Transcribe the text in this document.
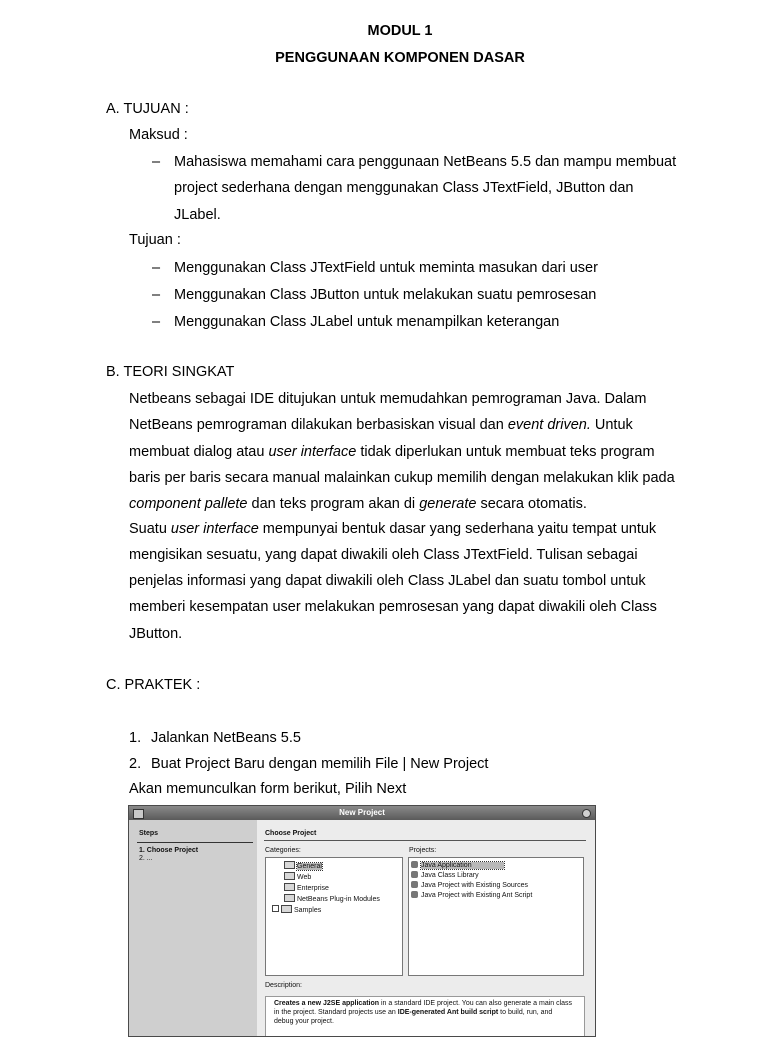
MODUL 1
PENGGUNAAN KOMPONEN DASAR
A. TUJUAN :
Maksud :
– Mahasiswa memahami cara penggunaan NetBeans 5.5 dan mampu membuat
project sederhana dengan menggunakan Class JTextField, JButton dan
JLabel.
Tujuan :
– Menggunakan Class JTextField untuk meminta masukan dari user
– Menggunakan Class JButton untuk melakukan suatu pemrosesan
– Menggunakan Class JLabel untuk menampilkan keterangan
B. TEORI SINGKAT
Netbeans sebagai IDE ditujukan untuk memudahkan pemrograman Java. Dalam
NetBeans pemrograman dilakukan berbasiskan visual dan event driven. Untuk
membuat dialog atau user interface tidak diperlukan untuk membuat teks program
baris per baris secara manual malainkan cukup memilih dengan melakukan klik pada
component pallete dan teks program akan di generate secara otomatis.
Suatu user interface mempunyai bentuk dasar yang sederhana yaitu tempat untuk
mengisikan sesuatu, yang dapat diwakili oleh Class JTextField. Tulisan sebagai
penjelas informasi yang dapat diwakili oleh Class JLabel dan suatu tombol untuk
memberi kesempatan user melakukan pemrosesan yang dapat diwakili oleh Class
JButton.
C. PRAKTEK :
1. Jalankan NetBeans 5.5
2. Buat Project Baru dengan memilih File | New Project
Akan memunculkan form berikut, Pilih Next
New Project
Steps
1. Choose Project
2. ...
Choose Project
Categories:
General
Web
Enterprise
NetBeans Plug-in Modules
Samples
Projects:
Java Application
Java Class Library
Java Project with Existing Sources
Java Project with Existing Ant Script
Description:
Creates a new J2SE application in a standard IDE project. You can also generate a main class
in the project. Standard projects use an IDE-generated Ant build script to build, run, and
debug your project.
